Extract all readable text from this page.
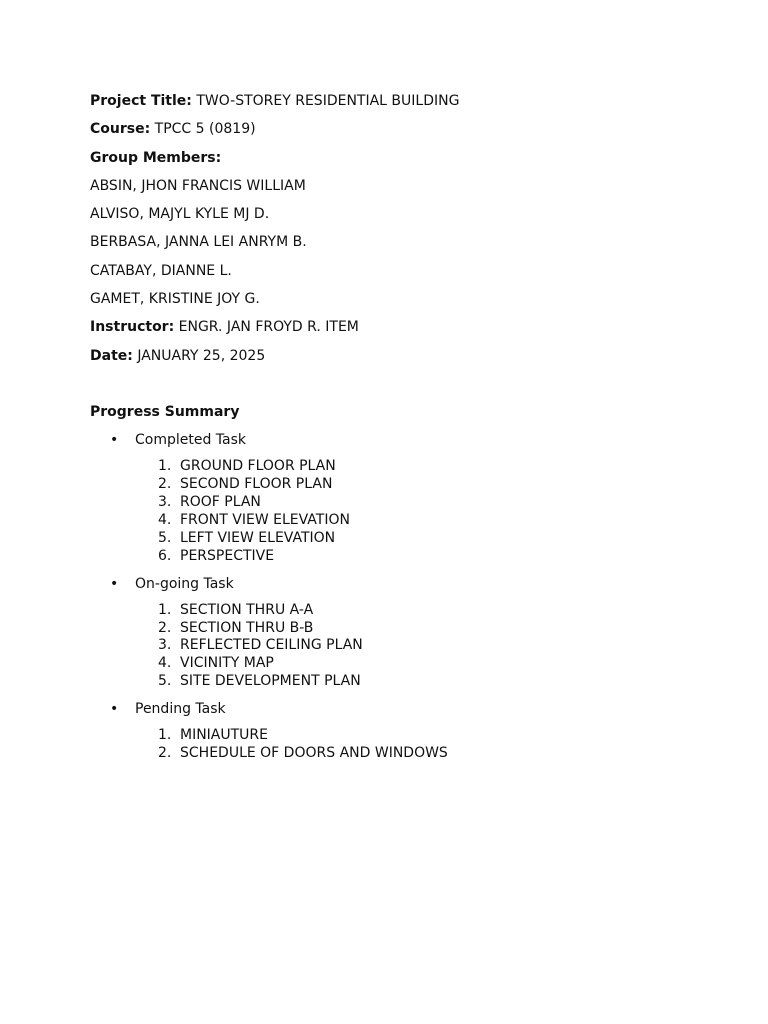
Project Title: TWO-STOREY RESIDENTIAL BUILDING
Course: TPCC 5 (0819)
Group Members:
ABSIN, JHON FRANCIS WILLIAM
ALVISO, MAJYL KYLE MJ D.
BERBASA, JANNA LEI ANRYM B.
CATABAY, DIANNE L.
GAMET, KRISTINE JOY G.
Instructor: ENGR. JAN FROYD R. ITEM
Date: JANUARY 25, 2025
Progress Summary
• Completed Task
1. GROUND FLOOR PLAN
2. SECOND FLOOR PLAN
3. ROOF PLAN
4. FRONT VIEW ELEVATION
5. LEFT VIEW ELEVATION
6. PERSPECTIVE
• On-going Task
1. SECTION THRU A-A
2. SECTION THRU B-B
3. REFLECTED CEILING PLAN
4. VICINITY MAP
5. SITE DEVELOPMENT PLAN
• Pending Task
1. MINIAUTURE
2. SCHEDULE OF DOORS AND WINDOWS
